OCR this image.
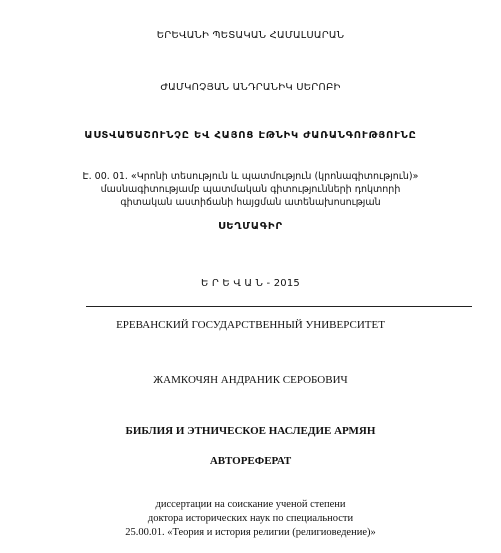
ԵՐԵՎԱՆԻ ՊԵՏԱԿԱՆ ՀԱՄԱԼՍԱՐԱՆ
ԺԱՄԿՈՉՅԱՆ ԱՆԴՐԱՆԻԿ ՍԵՐՈԲԻ
ԱՍՏՎԱԾԱՇՈՒՆՉԸ ԵՎ ՀԱՅՈՑ ԷԹՆԻԿ ԺԱՌԱՆԳՈՒԹՅՈՒՆԸ
Է. 00. 01. «Կրոնի տեսություն և պատմություն (կրոնագիտություն)»
մասնագիտությամբ պատմական գիտությունների դոկտորի
գիտական աստիճանի հայցման ատենախոսության
ՍԵՂՄԱԳԻՐ
Ե Ր Ե Վ Ա Ն - 2015
ЕРЕВАНСКИЙ ГОСУДАРСТВЕННЫЙ УНИВЕРСИТЕТ
ЖАМКОЧЯН АНДРАНИК СЕРОБОВИЧ
БИБЛИЯ И ЭТНИЧЕСКОЕ НАСЛЕДИЕ АРМЯН
АВТОРЕФЕРАТ
диссертации на соискание ученой степени
доктора исторических наук по специальности
25.00.01. «Теория и история религии (религиоведение)»
